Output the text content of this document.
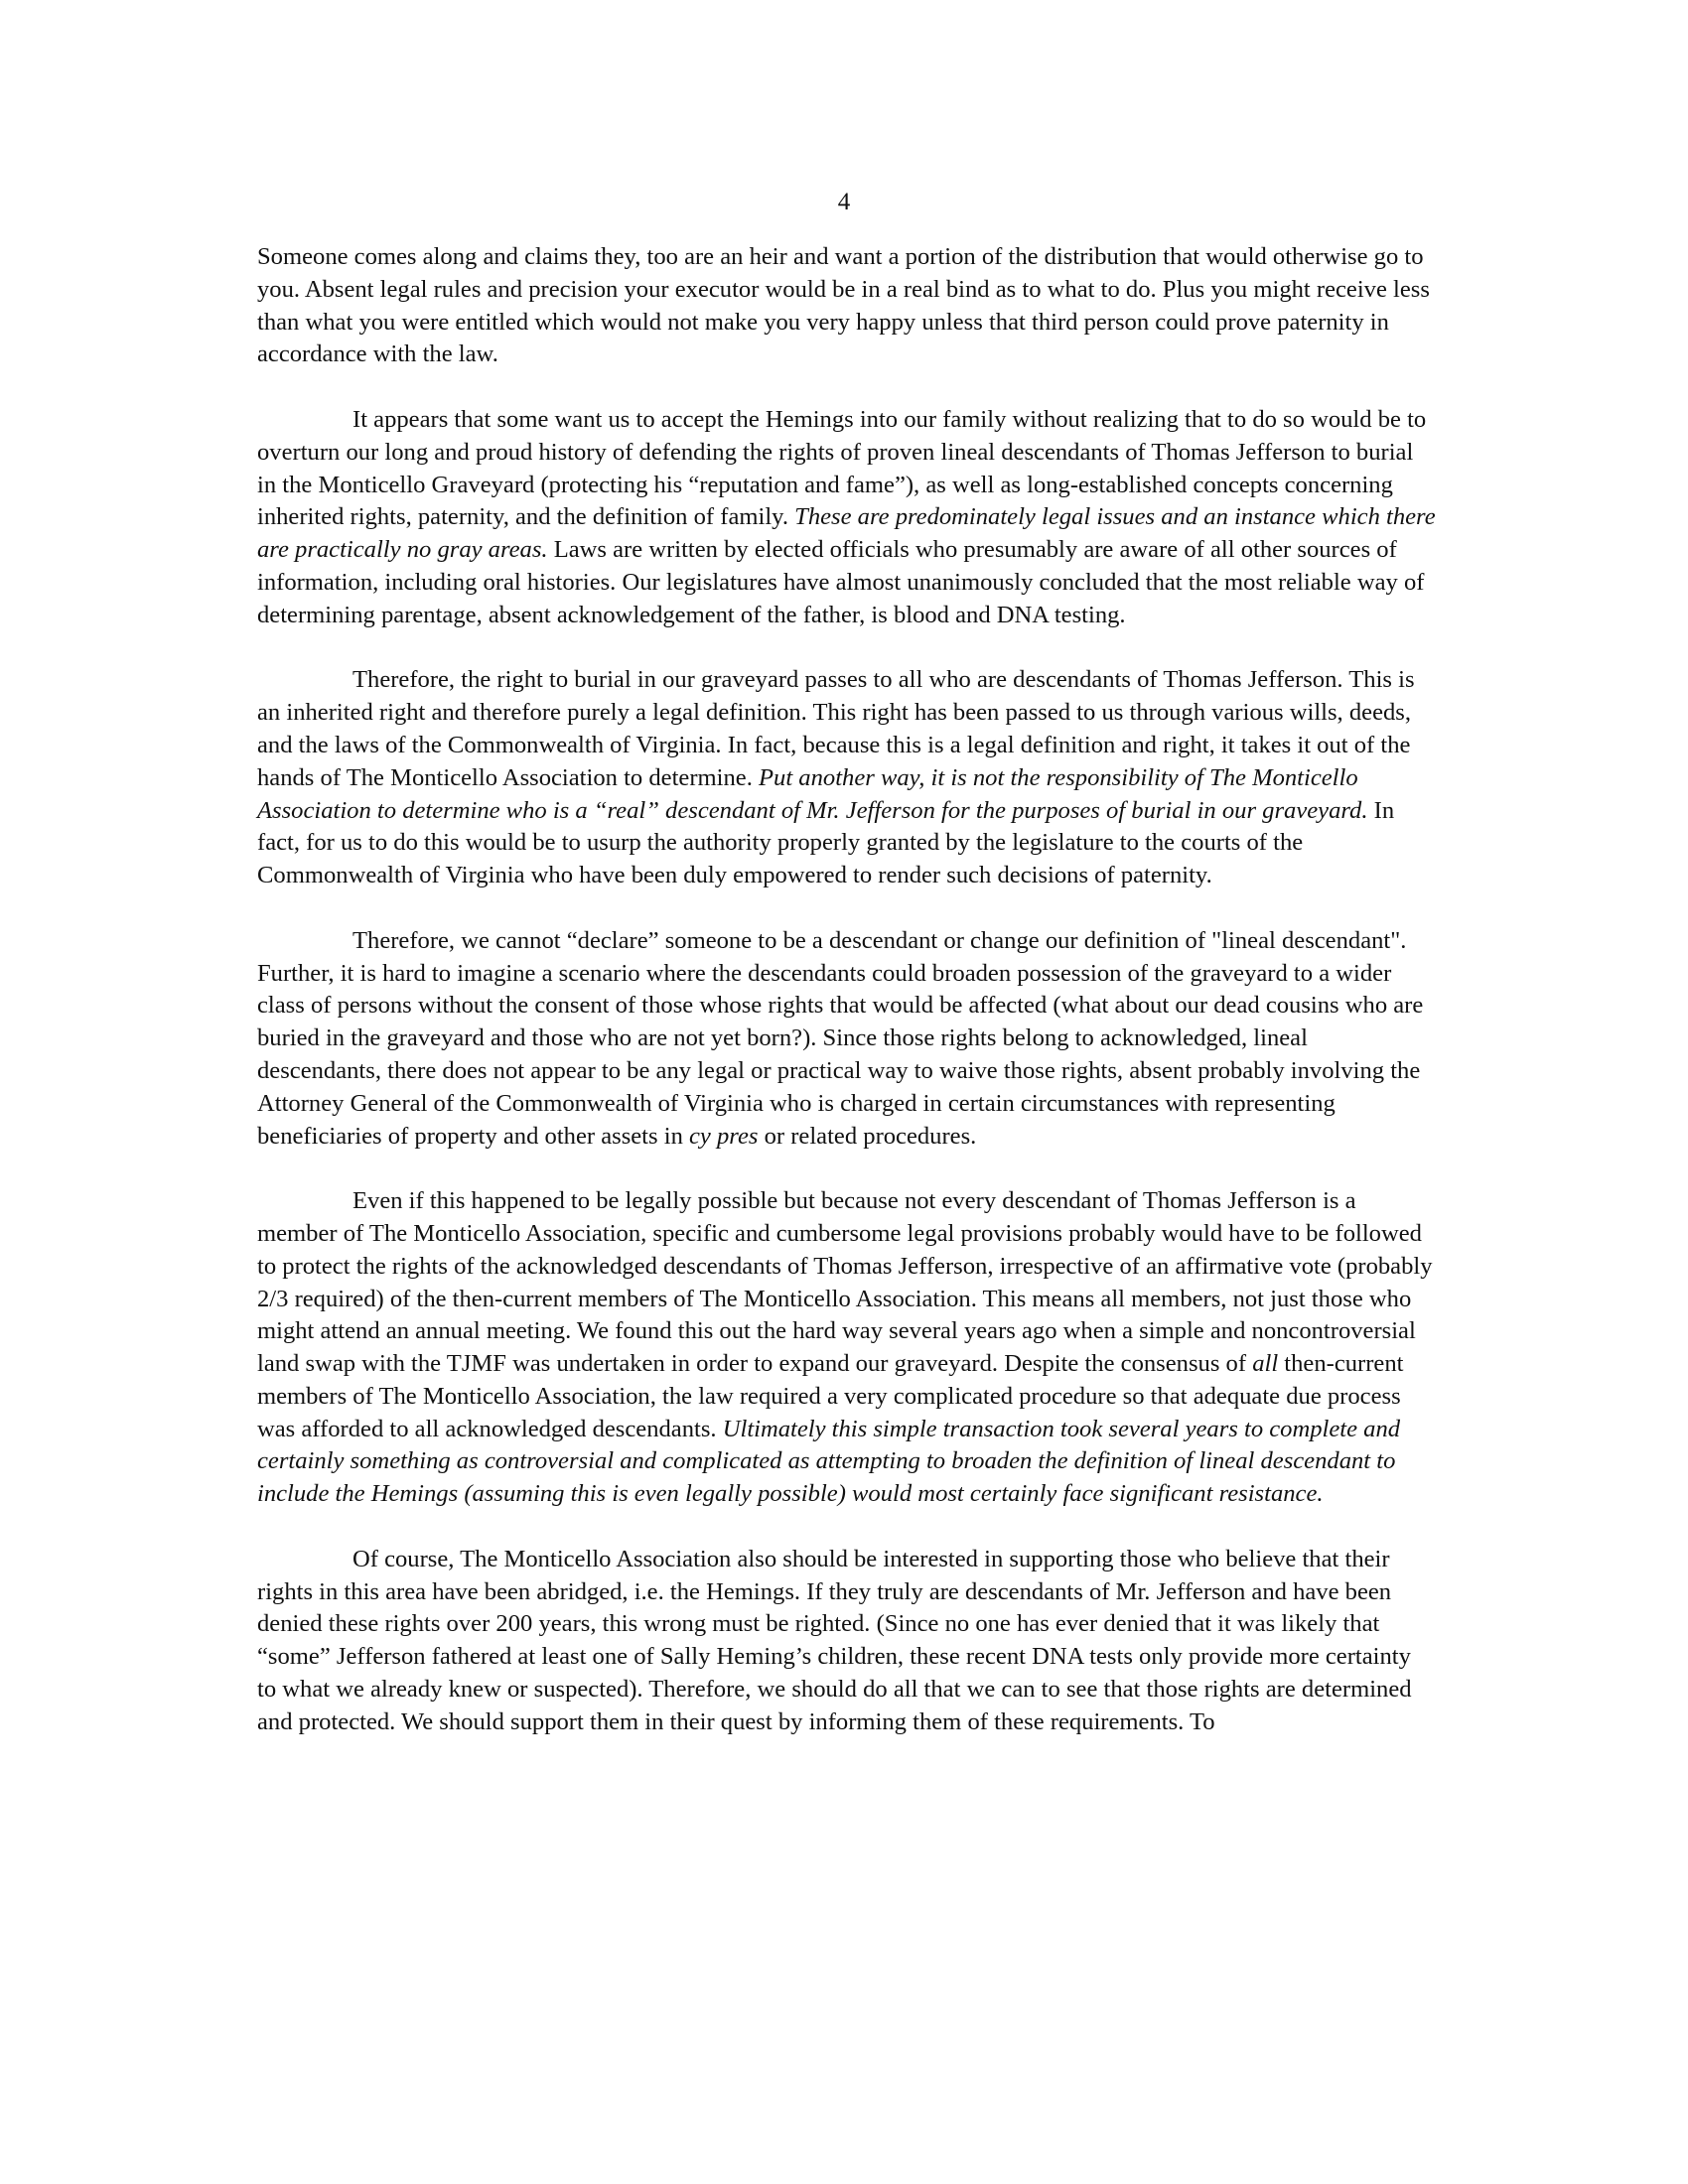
4

Someone comes along and claims they, too are an heir and want a portion of the distribution that would otherwise go to you. Absent legal rules and precision your executor would be in a real bind as to what to do. Plus you might receive less than what you were entitled which would not make you very happy unless that third person could prove paternity in accordance with the law.

It appears that some want us to accept the Hemings into our family without realizing that to do so would be to overturn our long and proud history of defending the rights of proven lineal descendants of Thomas Jefferson to burial in the Monticello Graveyard (protecting his “reputation and fame”), as well as long-established concepts concerning inherited rights, paternity, and the definition of family. These are predominately legal issues and an instance which there are practically no gray areas. Laws are written by elected officials who presumably are aware of all other sources of information, including oral histories. Our legislatures have almost unanimously concluded that the most reliable way of determining parentage, absent acknowledgement of the father, is blood and DNA testing.

Therefore, the right to burial in our graveyard passes to all who are descendants of Thomas Jefferson. This is an inherited right and therefore purely a legal definition. This right has been passed to us through various wills, deeds, and the laws of the Commonwealth of Virginia. In fact, because this is a legal definition and right, it takes it out of the hands of The Monticello Association to determine. Put another way, it is not the responsibility of The Monticello Association to determine who is a “real” descendant of Mr. Jefferson for the purposes of burial in our graveyard. In fact, for us to do this would be to usurp the authority properly granted by the legislature to the courts of the Commonwealth of Virginia who have been duly empowered to render such decisions of paternity.

Therefore, we cannot “declare” someone to be a descendant or change our definition of "lineal descendant". Further, it is hard to imagine a scenario where the descendants could broaden possession of the graveyard to a wider class of persons without the consent of those whose rights that would be affected (what about our dead cousins who are buried in the graveyard and those who are not yet born?). Since those rights belong to acknowledged, lineal descendants, there does not appear to be any legal or practical way to waive those rights, absent probably involving the Attorney General of the Commonwealth of Virginia who is charged in certain circumstances with representing beneficiaries of property and other assets in cy pres or related procedures.

Even if this happened to be legally possible but because not every descendant of Thomas Jefferson is a member of The Monticello Association, specific and cumbersome legal provisions probably would have to be followed to protect the rights of the acknowledged descendants of Thomas Jefferson, irrespective of an affirmative vote (probably 2/3 required) of the then-current members of The Monticello Association. This means all members, not just those who might attend an annual meeting. We found this out the hard way several years ago when a simple and noncontroversial land swap with the TJMF was undertaken in order to expand our graveyard. Despite the consensus of all then-current members of The Monticello Association, the law required a very complicated procedure so that adequate due process was afforded to all acknowledged descendants. Ultimately this simple transaction took several years to complete and certainly something as controversial and complicated as attempting to broaden the definition of lineal descendant to include the Hemings (assuming this is even legally possible) would most certainly face significant resistance.

Of course, The Monticello Association also should be interested in supporting those who believe that their rights in this area have been abridged, i.e. the Hemings. If they truly are descendants of Mr. Jefferson and have been denied these rights over 200 years, this wrong must be righted. (Since no one has ever denied that it was likely that “some” Jefferson fathered at least one of Sally Heming’s children, these recent DNA tests only provide more certainty to what we already knew or suspected). Therefore, we should do all that we can to see that those rights are determined and protected. We should support them in their quest by informing them of these requirements. To
